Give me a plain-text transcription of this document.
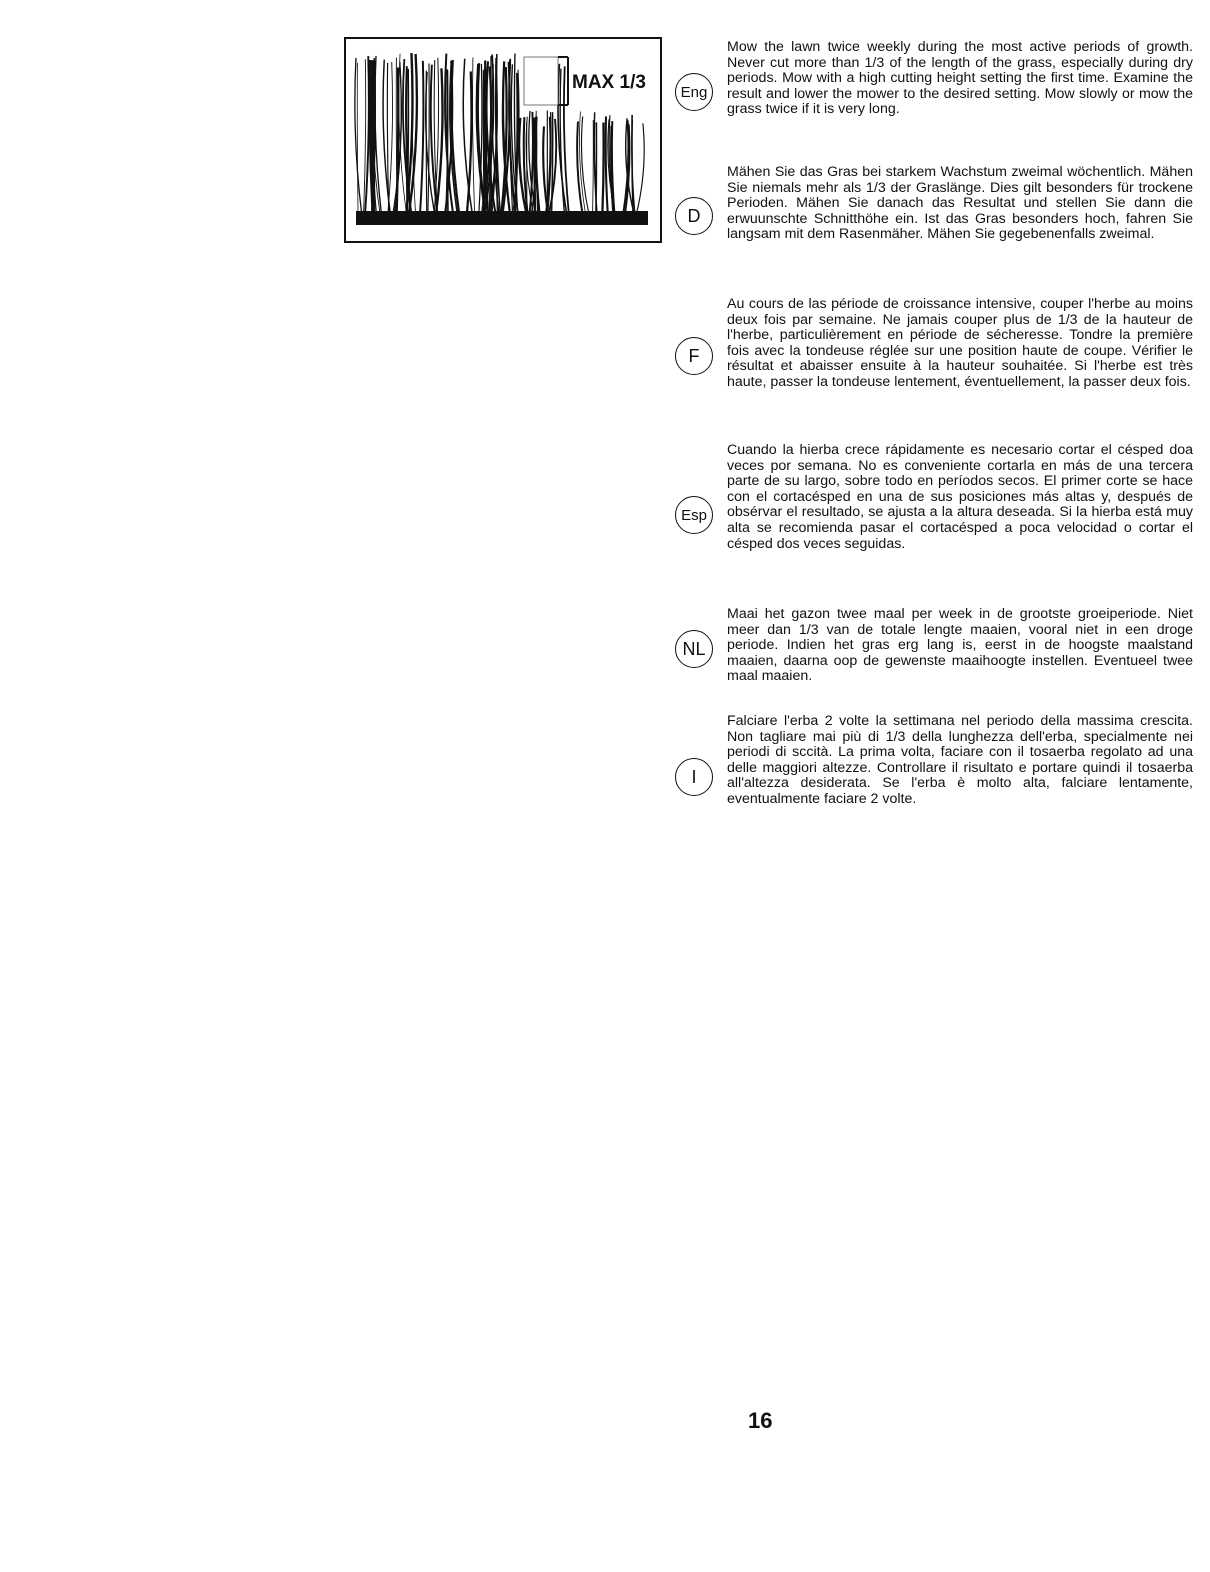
MAX 1/3	Eng
D
F
Esp
NL
I
Mow the lawn twice weekly during the most active periods of growth. Never cut more than 1/3 of the length of the grass, especially during dry periods. Mow with a high cutting height setting the first time. Examine the result and lower the mower to the desired setting. Mow slowly or mow the grass twice if it is very long.
Mähen Sie das Gras bei starkem Wachstum zweimal wöchentlich. Mähen Sie niemals mehr als 1/3 der Graslänge. Dies gilt besonders für trockene Perioden. Mähen Sie danach das Resultat und stellen Sie dann die erwuunschte Schnitthöhe ein. Ist das Gras besonders hoch, fahren Sie langsam mit dem Rasenmäher. Mähen Sie gegebenenfalls zweimal.
Au cours de las période de croissance intensive, couper l'herbe au moins deux fois par semaine. Ne jamais couper plus de 1/3 de la hauteur de l'herbe, particulièrement en période de sécheresse. Tondre la première fois avec la tondeuse réglée sur une position haute de coupe. Vérifier le résultat et abaisser ensuite à la hauteur souhaitée. Si l'herbe est très haute, passer la tondeuse lentement, éventuellement, la passer deux fois.
Cuando la hierba crece rápidamente es necesario cortar el césped doa veces por semana. No es conveniente cortarla en más de una tercera parte de su largo, sobre todo en períodos secos. El primer corte se hace con el cortacésped en una de sus posiciones más altas y, después de obsérvar el resultado, se ajusta a la altura deseada. Si la hierba está muy alta se recomienda pasar el cortacésped a poca velocidad o cortar el césped dos veces seguidas.
Maai het gazon twee maal per week in de grootste groeiperiode. Niet meer dan 1/3 van de totale lengte maaien, vooral niet in een droge periode. Indien het gras erg lang is, eerst in de hoogste maalstand maaien, daarna oop de gewenste maaihoogte instellen. Eventueel twee maal maaien.
Falciare l'erba 2 volte la settimana nel periodo della massima crescita. Non tagliare mai più di 1/3 della lunghezza dell'erba, specialmente nei periodi di sccità. La prima volta, faciare con il tosaerba regolato ad una delle maggiori altezze. Controllare il risultato e portare quindi il tosaerba all'altezza desiderata. Se l'erba è molto alta, falciare lentamente, eventualmente faciare 2 volte.
16
